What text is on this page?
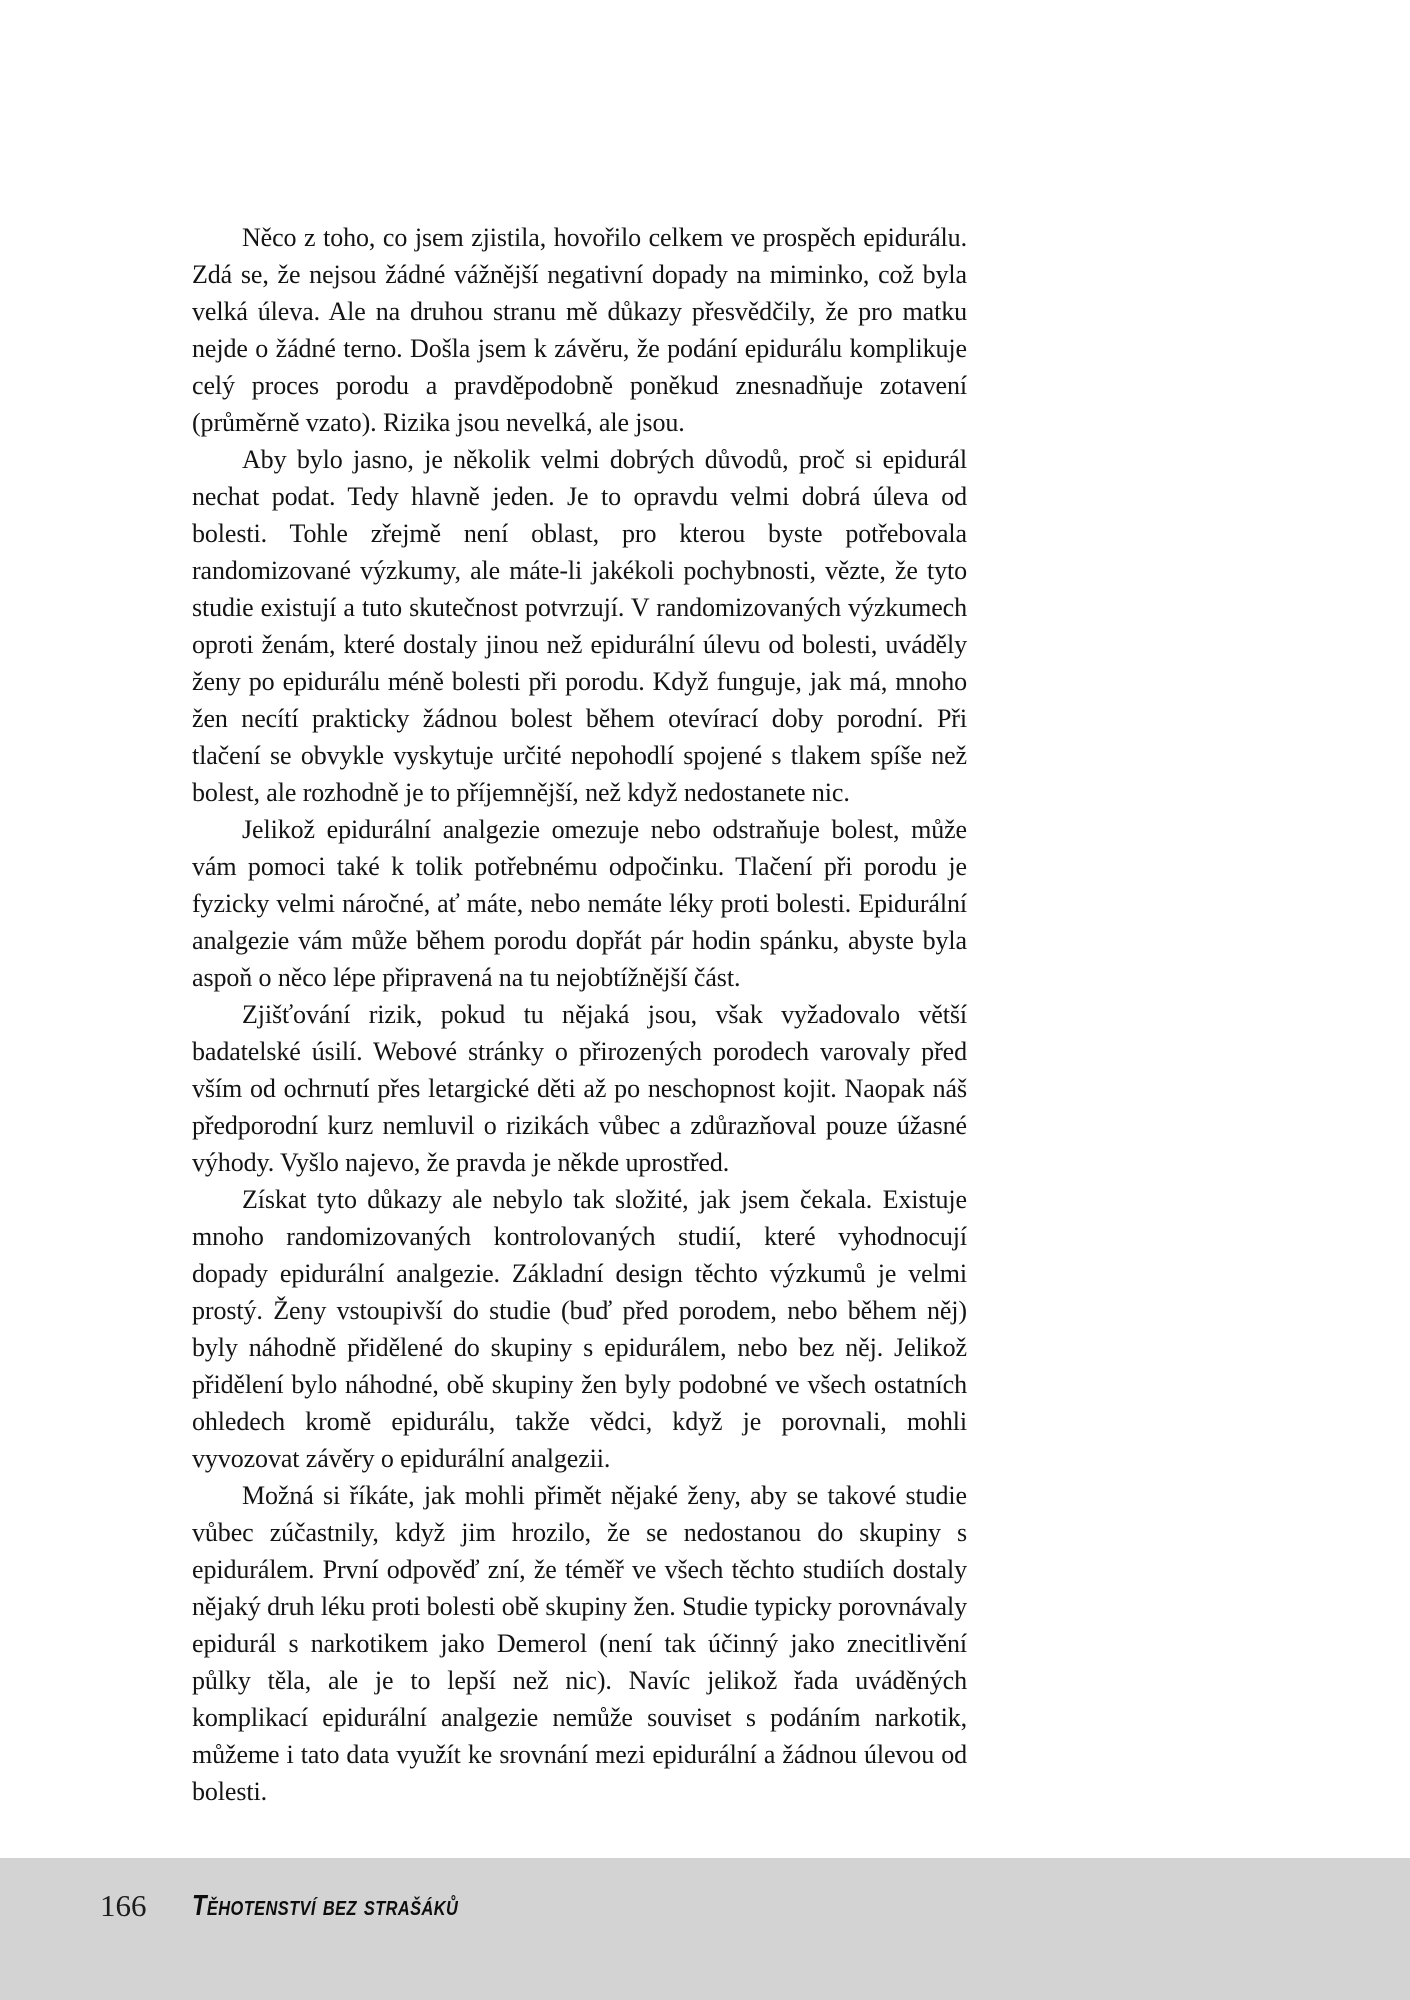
Něco z toho, co jsem zjistila, hovořilo celkem ve prospěch epidurálu. Zdá se, že nejsou žádné vážnější negativní dopady na miminko, což byla velká úleva. Ale na druhou stranu mě důkazy přesvědčily, že pro matku nejde o žádné terno. Došla jsem k závěru, že podání epidurálu komplikuje celý proces porodu a pravděpodobně poněkud znesnadňuje zotavení (průměrně vzato). Rizika jsou nevelká, ale jsou.

Aby bylo jasno, je několik velmi dobrých důvodů, proč si epidurál nechat podat. Tedy hlavně jeden. Je to opravdu velmi dobrá úleva od bolesti. Tohle zřejmě není oblast, pro kterou byste potřebovala randomizované výzkumy, ale máte-li jakékoli pochybnosti, vězte, že tyto studie existují a tuto skutečnost potvrzují. V randomizovaných výzkumech oproti ženám, které dostaly jinou než epidurální úlevu od bolesti, uváděly ženy po epidurálu méně bolesti při porodu. Když funguje, jak má, mnoho žen necítí prakticky žádnou bolest během otevírací doby porodní. Při tlačení se obvykle vyskytuje určité nepohodlí spojené s tlakem spíše než bolest, ale rozhodně je to příjemnější, než když nedostanete nic.

Jelikož epidurální analgezie omezuje nebo odstraňuje bolest, může vám pomoci také k tolik potřebnému odpočinku. Tlačení při porodu je fyzicky velmi náročné, ať máte, nebo nemáte léky proti bolesti. Epidurální analgezie vám může během porodu dopřát pár hodin spánku, abyste byla aspoň o něco lépe připravená na tu nejobtížnější část.

Zjišťování rizik, pokud tu nějaká jsou, však vyžadovalo větší badatelské úsilí. Webové stránky o přirozených porodech varovaly před vším od ochrnutí přes letargické děti až po neschopnost kojit. Naopak náš předporodní kurz nemluvil o rizikách vůbec a zdůrazňoval pouze úžasné výhody. Vyšlo najevo, že pravda je někde uprostřed.

Získat tyto důkazy ale nebylo tak složité, jak jsem čekala. Existuje mnoho randomizovaných kontrolovaných studií, které vyhodnocují dopady epidurální analgezie. Základní design těchto výzkumů je velmi prostý. Ženy vstoupivší do studie (buď před porodem, nebo během něj) byly náhodně přidělené do skupiny s epidurálem, nebo bez něj. Jelikož přidělení bylo náhodné, obě skupiny žen byly podobné ve všech ostatních ohledech kromě epidurálu, takže vědci, když je porovnali, mohli vyvozovat závěry o epidurální analgezii.

Možná si říkáte, jak mohli přimět nějaké ženy, aby se takové studie vůbec zúčastnily, když jim hrozilo, že se nedostanou do skupiny s epidurálem. První odpověď zní, že téměř ve všech těchto studiích dostaly nějaký druh léku proti bolesti obě skupiny žen. Studie typicky porovnávaly epidurál s narkotikem jako Demerol (není tak účinný jako znecitlivění půlky těla, ale je to lepší než nic). Navíc jelikož řada uváděných komplikací epidurální analgezie nemůže souviset s podáním narkotik, můžeme i tato data využít ke srovnání mezi epidurální a žádnou úlevou od bolesti.

166 Těhotenství bez strašáků
